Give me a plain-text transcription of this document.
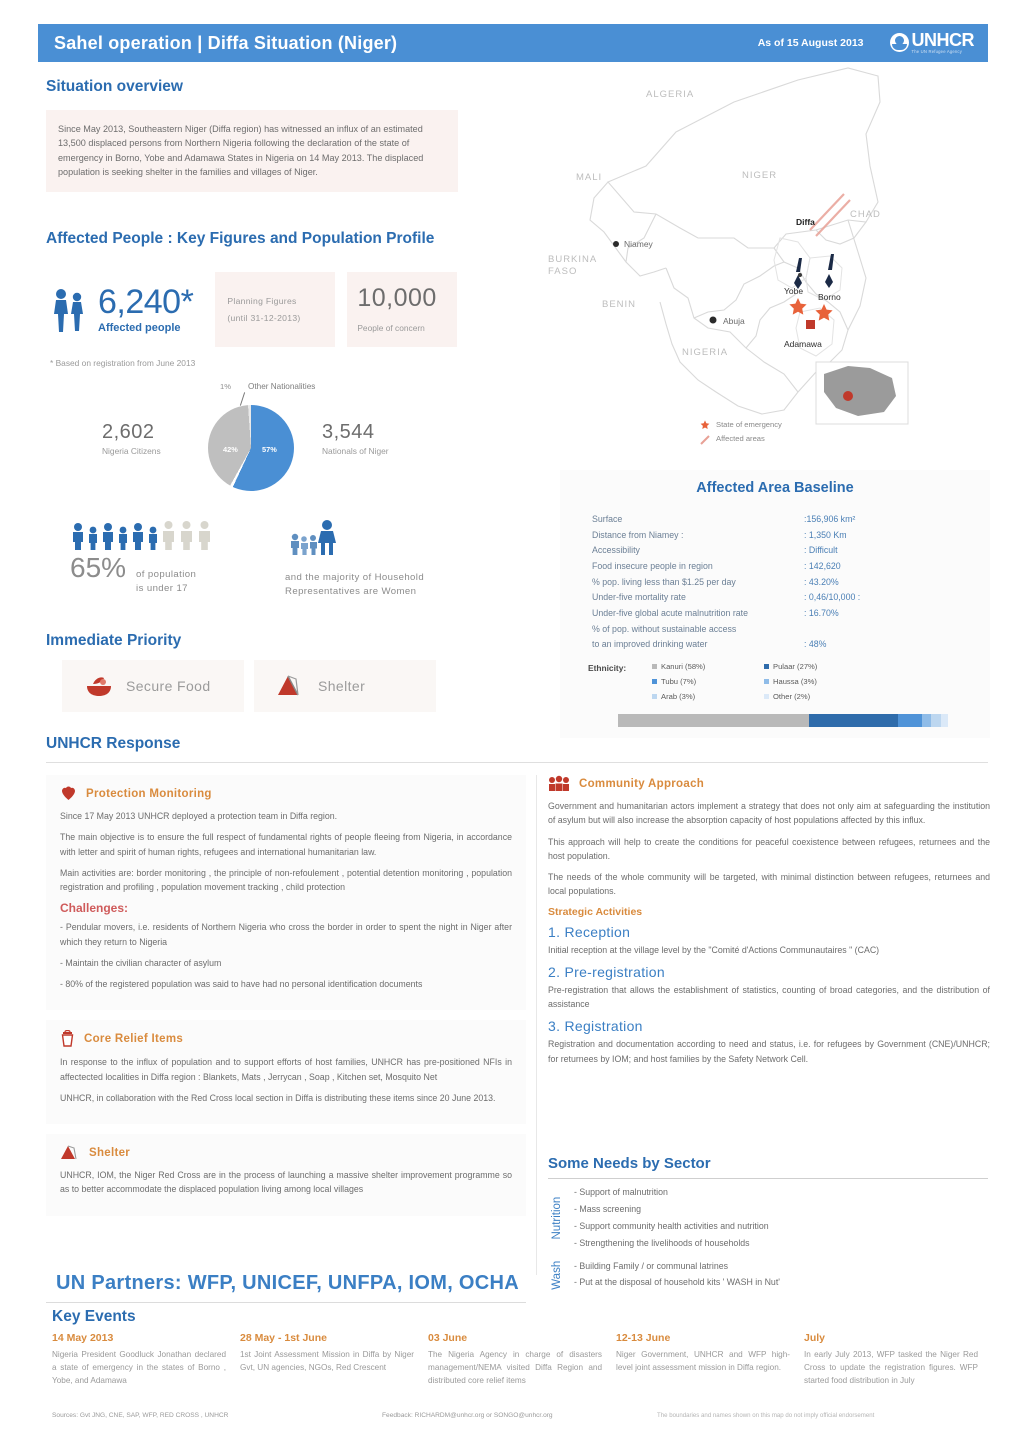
Sahel operation | Diffa Situation (Niger)	As of 15 August 2013	UNHCR
The UN Refugee Agency
Situation overview

Since May 2013, Southeastern Niger (Diffa region) has witnessed an influx of an estimated 13,500 displaced persons from Northern Nigeria following the declaration of the state of emergency in Borno, Yobe and Adamawa States in Nigeria on 14 May 2013. The displaced population is seeking shelter in the families and villages of Niger.

Affected People : Key Figures and Population Profile
6,240*
Affected people
Planning Figures
(until 31-12-2013)
10,000
People of concern
* Based on registration from June 2013
1% Other Nationalities
42%	57%
2,602
Nigeria Citizens
3,544
Nationals of Niger
65% of population
is under 17
and the majority of Household
Representatives are Women
Immediate Priority
Secure Food	Shelter
ALGERIA
MALI	NIGER
CHAD
BURKINA
FASO
BENIN
NIGERIA
Niamey
Abuja
Diffa
Yobe
Borno
Adamawa
State of emergency
Affected areas
Affected Area Baseline
Surface	:156,906 km²
Distance from Niamey :	: 1,350 Km
Accessibility	: Difficult
Food insecure people in region	: 142,620
% pop. living less than $1.25 per day	: 43.20%
Under-five mortality rate	: 0,46/10,000 :
Under-five global acute malnutrition rate	: 16.70%
% of pop. without sustainable access
to an improved drinking water	: 48%
Ethnicity:	Kanuri (58%)	Pulaar (27%)
Tubu (7%)	Haussa (3%)
Arab (3%)	Other (2%)
UNHCR Response
Protection Monitoring

Since 17 May 2013 UNHCR deployed a protection team in Diffa region.

The main objective is to ensure the full respect of fundamental rights of people fleeing from Nigeria, in accordance with letter and spirit of human rights, refugees and international humanitarian law.

Main activities are: border monitoring , the principle of non-refoulement , potential detention monitoring , population registration and profiling , population movement tracking , child protection

Challenges:

- Pendular movers, i.e. residents of Northern Nigeria who cross the border in order to spent the night in Niger after which they return to Nigeria

- Maintain the civilian character of asylum

- 80% of the registered population was said to have had no personal identification documents

Core Relief Items

In response to the influx of population and to support efforts of host families, UNHCR has pre-positioned NFIs in affectected localities in Diffa region : Blankets, Mats , Jerrycan , Soap , Kitchen set, Mosquito Net

UNHCR, in collaboration with the Red Cross local section in Diffa is distributing these items since 20 June 2013.

Shelter

UNHCR, IOM, the Niger Red Cross are in the process of launching a massive shelter improvement programme so as to better accommodate the displaced population living among local villages

UN Partners: WFP, UNICEF, UNFPA, IOM, OCHA
Community Approach

Government and humanitarian actors implement a strategy that does not only aim at safeguarding the institution of asylum but will also increase the absorption capacity of host populations affected by this influx.

This approach will help to create the conditions for peaceful coexistence between refugees, returnees and the host population.

The needs of the whole community will be targeted, with minimal distinction between refugees, returnees and local populations.

Strategic Activities
1. Reception

Initial reception at the village level by the "Comité d'Actions Communautaires " (CAC)

2. Pre-registration

Pre-registration that allows the establishment of statistics, counting of broad categories, and the distribution of assistance

3. Registration

Registration and documentation according to need and status, i.e. for refugees by Government (CNE)/UNHCR; for returnees by IOM; and host families by the Safety Network Cell.

Some Needs by Sector
Nutrition
- Support of malnutrition
- Mass screening
- Support community health activities and nutrition
- Strengthening the livelihoods of households
Wash	- Building Family / or communal latrines
- Put at the disposal of household kits ' WASH in Nut'
Key Events
14 May 2013
Nigeria President Goodluck Jonathan declared a state of emergency in the states of Borno , Yobe, and Adamawa
28 May - 1st June
1st Joint Assessment Mission in Diffa by Niger Gvt, UN agencies, NGOs, Red Crescent
03 June
The Nigeria Agency in charge of disasters management/NEMA visited Diffa Region and distributed core relief items
12-13 June
Niger Government, UNHCR and WFP high-level joint assessment mission in Diffa region.
July
In early July 2013, WFP tasked the Niger Red Cross to update the registration figures. WFP started food distribution in July
Sources: Gvt JNG, CNE, SAP, WFP, RED CROSS , UNHCR	Feedback: RICHARDM@unhcr.org or SONGO@unhcr.org	The boundaries and names shown on this map do not imply official endorsement
